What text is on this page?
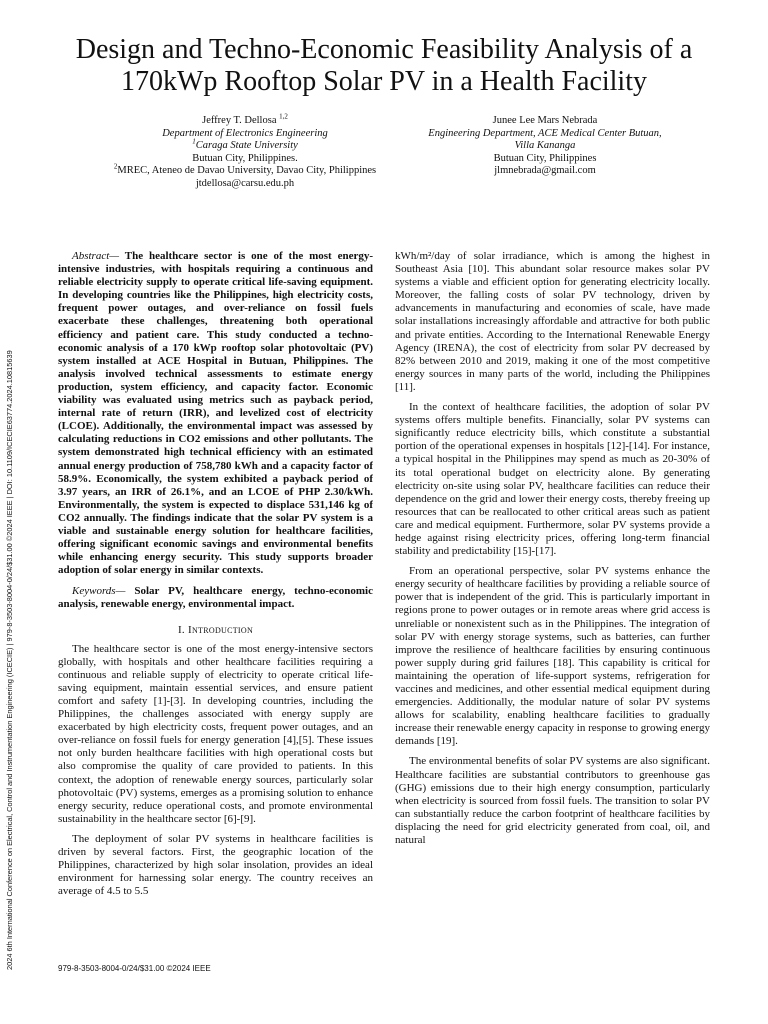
Design and Techno-Economic Feasibility Analysis of a 170kWp Rooftop Solar PV in a Health Facility
Jeffrey T. Dellosa $^{1,2}$
Department of Electronics Engineering
$^1$Caraga State University
Butuan City, Philippines.
$^2$MREC, Ateneo de Davao University, Davao City, Philippines
jtdellosa@carsu.edu.ph
Junee Lee Mars Nebrada
Engineering Department, ACE Medical Center Butuan,
Villa Kananga
Butuan City, Philippines
jlmnebrada@gmail.com
2024 6th International Conference on Electrical, Control and Instrumentation Engineering (ICECIE) | 979-8-3503-8004-0/24/$31.00 ©2024 IEEE | DOI: 10.1109/ICECIE63774.2024.10815639

Abstract— The healthcare sector is one of the most energy-intensive industries, with hospitals requiring a continuous and reliable electricity supply to operate critical life-saving equipment. In developing countries like the Philippines, high electricity costs, frequent power outages, and over-reliance on fossil fuels exacerbate these challenges, threatening both operational efficiency and patient care. This study conducted a techno-economic analysis of a 170 kWp rooftop solar photovoltaic (PV) system installed at ACE Hospital in Butuan, Philippines. The analysis involved technical assessments to estimate energy production, system efficiency, and capacity factor. Economic viability was evaluated using metrics such as payback period, internal rate of return (IRR), and levelized cost of electricity (LCOE). Additionally, the environmental impact was assessed by calculating reductions in CO2 emissions and other pollutants. The system demonstrated high technical efficiency with an estimated annual energy production of 758,780 kWh and a capacity factor of 58.9%. Economically, the system exhibited a payback period of 3.97 years, an IRR of 26.1%, and an LCOE of PHP 2.30/kWh. Environmentally, the system is expected to displace 531,146 kg of CO2 annually. The findings indicate that the solar PV system is a viable and sustainable energy solution for healthcare facilities, offering significant economic savings and environmental benefits while enhancing energy security. This study supports broader adoption of solar energy in similar contexts.

Keywords— Solar PV, healthcare energy, techno-economic analysis, renewable energy, environmental impact.

I. Introduction

The healthcare sector is one of the most energy-intensive sectors globally, with hospitals and other healthcare facilities requiring a continuous and reliable supply of electricity to operate critical life-saving equipment, maintain essential services, and ensure patient comfort and safety [1]-[3]. In developing countries, including the Philippines, the challenges associated with energy supply are exacerbated by high electricity costs, frequent power outages, and an over-reliance on fossil fuels for energy generation [4],[5]. These issues not only burden healthcare facilities with high operational costs but also compromise the quality of care provided to patients. In this context, the adoption of renewable energy sources, particularly solar photovoltaic (PV) systems, emerges as a promising solution to enhance energy security, reduce operational costs, and promote environmental sustainability in the healthcare sector [6]-[9].

The deployment of solar PV systems in healthcare facilities is driven by several factors. First, the geographic location of the Philippines, characterized by high solar insolation, provides an ideal environment for harnessing solar energy. The country receives an average of 4.5 to 5.5

kWh/m²/day of solar irradiance, which is among the highest in Southeast Asia [10]. This abundant solar resource makes solar PV systems a viable and efficient option for generating electricity locally. Moreover, the falling costs of solar PV technology, driven by advancements in manufacturing and economies of scale, have made solar installations increasingly affordable and attractive for both public and private entities. According to the International Renewable Energy Agency (IRENA), the cost of electricity from solar PV decreased by 82% between 2010 and 2019, making it one of the most competitive energy sources in many parts of the world, including the Philippines [11].

In the context of healthcare facilities, the adoption of solar PV systems offers multiple benefits. Financially, solar PV systems can significantly reduce electricity bills, which constitute a substantial portion of the operational expenses in hospitals [12]-[14]. For instance, a typical hospital in the Philippines may spend as much as 20-30% of its total operational budget on electricity alone. By generating electricity on-site using solar PV, healthcare facilities can reduce their dependence on the grid and lower their energy costs, thereby freeing up resources that can be reallocated to other critical areas such as patient care and medical equipment. Furthermore, solar PV systems provide a hedge against rising electricity prices, offering long-term financial stability and predictability [15]-[17].

From an operational perspective, solar PV systems enhance the energy security of healthcare facilities by providing a reliable source of power that is independent of the grid. This is particularly important in regions prone to power outages or in remote areas where grid access is unreliable or nonexistent such as in the Philippines. The integration of solar PV with energy storage systems, such as batteries, can further improve the resilience of healthcare facilities by ensuring continuous power supply during grid failures [18]. This capability is critical for maintaining the operation of life-support systems, refrigeration for vaccines and medicines, and other essential medical equipment during emergencies. Additionally, the modular nature of solar PV systems allows for scalability, enabling healthcare facilities to gradually increase their renewable energy capacity in response to growing energy demands [19].

The environmental benefits of solar PV systems are also significant. Healthcare facilities are substantial contributors to greenhouse gas (GHG) emissions due to their high energy consumption, particularly when electricity is sourced from fossil fuels. The transition to solar PV can substantially reduce the carbon footprint of healthcare facilities by displacing the need for grid electricity generated from coal, oil, and natural

979-8-3503-8004-0/24/$31.00 ©2024 IEEE
